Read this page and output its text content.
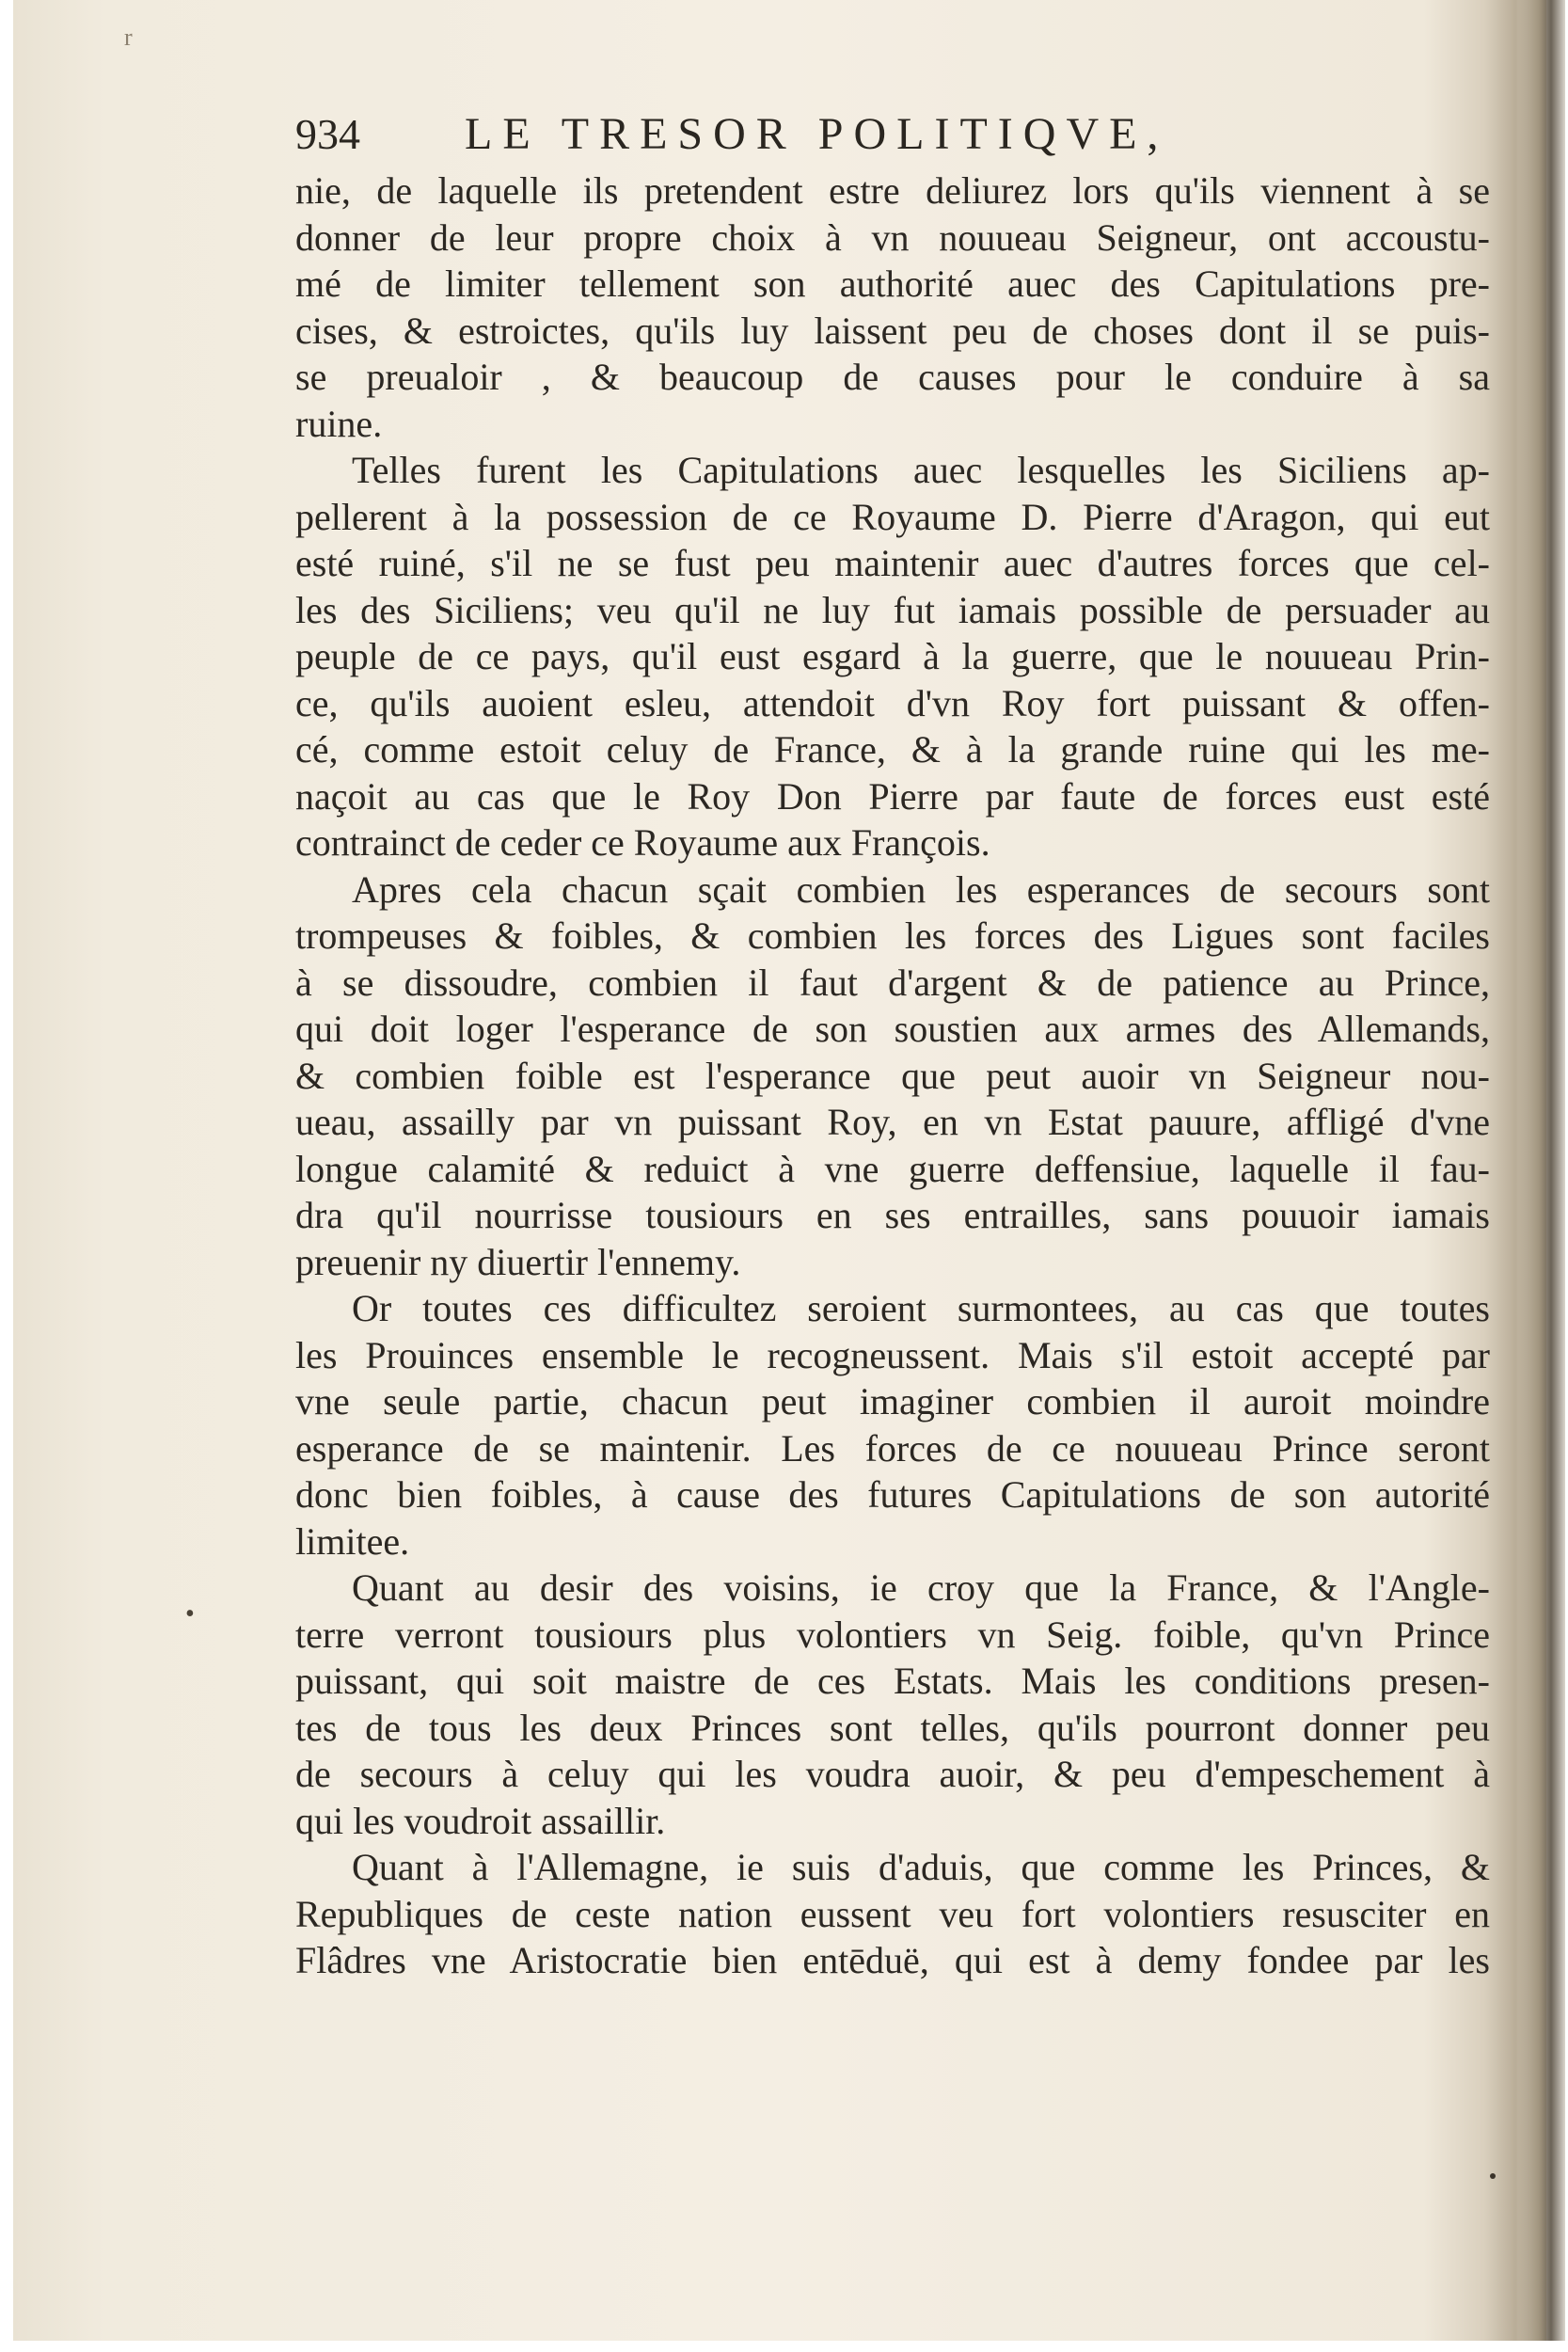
r
934 LE TRESOR POLITIQVE,
nie, de laquelle ils pretendent estre deliurez lors qu'ils viennent à se
donner de leur propre choix à vn nouueau Seigneur, ont accoustu-
mé de limiter tellement son authorité auec des Capitulations pre-
cises, & estroictes, qu'ils luy laissent peu de choses dont il se puis-
se preualoir , & beaucoup de causes pour le conduire à sa
ruine.
Telles furent les Capitulations auec lesquelles les Siciliens ap-
pellerent à la possession de ce Royaume D. Pierre d'Aragon, qui eut
esté ruiné, s'il ne se fust peu maintenir auec d'autres forces que cel-
les des Siciliens; veu qu'il ne luy fut iamais possible de persuader au
peuple de ce pays, qu'il eust esgard à la guerre, que le nouueau Prin-
ce, qu'ils auoient esleu, attendoit d'vn Roy fort puissant & offen-
cé, comme estoit celuy de France, & à la grande ruine qui les me-
naçoit au cas que le Roy Don Pierre par faute de forces eust esté
contrainct de ceder ce Royaume aux François.
Apres cela chacun sçait combien les esperances de secours sont
trompeuses & foibles, & combien les forces des Ligues sont faciles
à se dissoudre, combien il faut d'argent & de patience au Prince,
qui doit loger l'esperance de son soustien aux armes des Allemands,
& combien foible est l'esperance que peut auoir vn Seigneur nou-
ueau, assailly par vn puissant Roy, en vn Estat pauure, affligé d'vne
longue calamité & reduict à vne guerre deffensiue, laquelle il fau-
dra qu'il nourrisse tousiours en ses entrailles, sans pouuoir iamais
preuenir ny diuertir l'ennemy.
Or toutes ces difficultez seroient surmontees, au cas que toutes
les Prouinces ensemble le recogneussent. Mais s'il estoit accepté par
vne seule partie, chacun peut imaginer combien il auroit moindre
esperance de se maintenir. Les forces de ce nouueau Prince seront
donc bien foibles, à cause des futures Capitulations de son autorité
limitee.
Quant au desir des voisins, ie croy que la France, & l'Angle-
terre verront tousiours plus volontiers vn Seig. foible, qu'vn Prince
puissant, qui soit maistre de ces Estats. Mais les conditions presen-
tes de tous les deux Princes sont telles, qu'ils pourront donner peu
de secours à celuy qui les voudra auoir, & peu d'empeschement à
qui les voudroit assaillir.
Quant à l'Allemagne, ie suis d'aduis, que comme les Princes, &
Republiques de ceste nation eussent veu fort volontiers resusciter en
Flâdres vne Aristocratie bien entēduë, qui est à demy fondee par les
•
